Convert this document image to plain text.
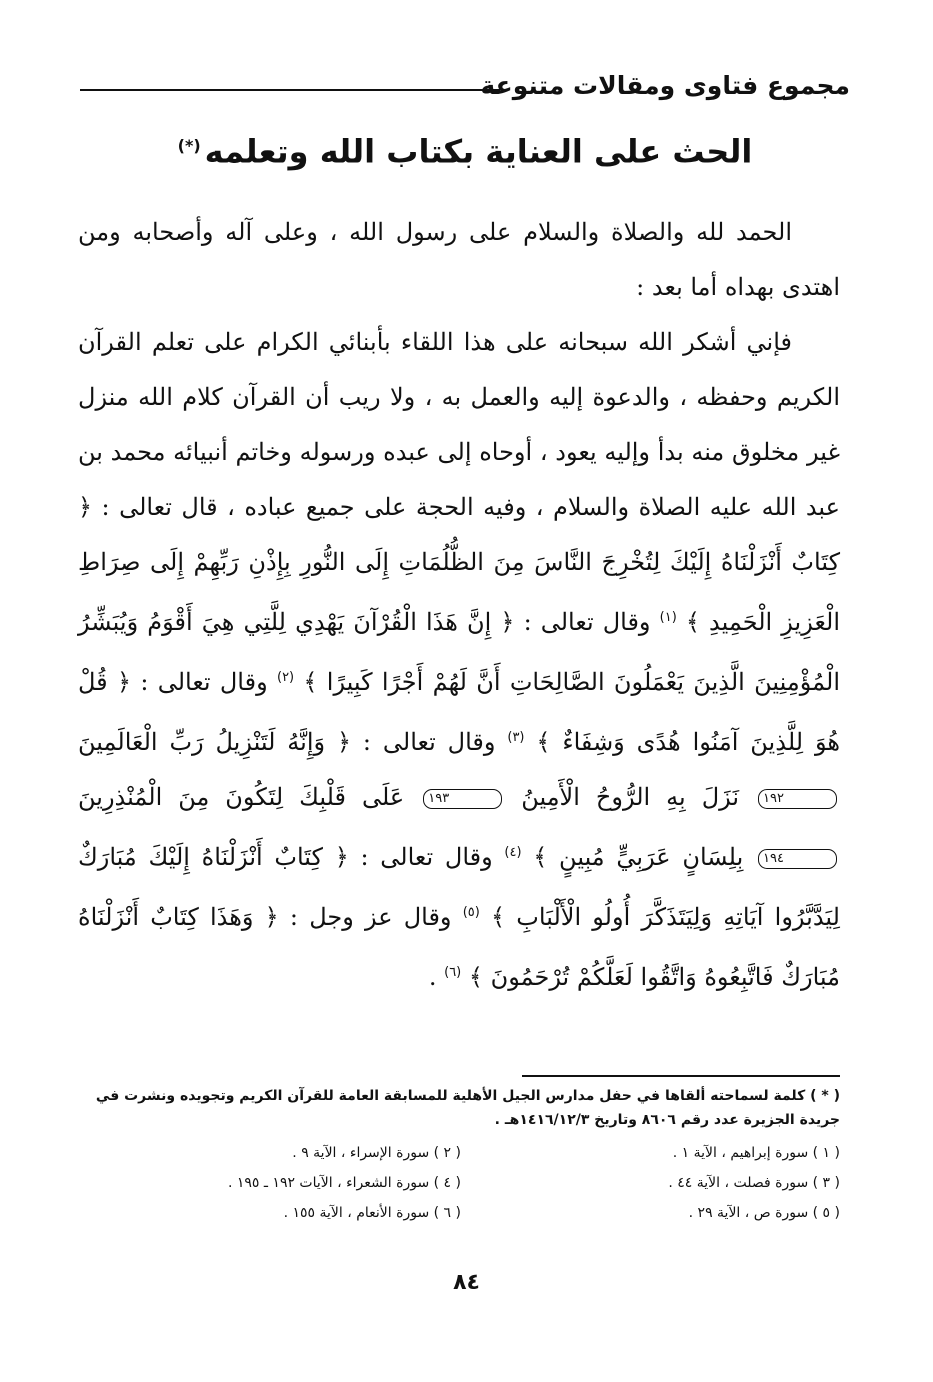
مجموع فتاوى ومقالات متنوعة
الحث على العناية بكتاب الله وتعلمه(*)

الحمد لله والصلاة والسلام على رسول الله ، وعلى آله وأصحابه ومن اهتدى بهداه أما بعد :

فإني أشكر الله سبحانه على هذا اللقاء بأبنائي الكرام على تعلم القرآن الكريم وحفظه ، والدعوة إليه والعمل به ، ولا ريب أن القرآن كلام الله منزل غير مخلوق منه بدأ وإليه يعود ، أوحاه إلى عبده ورسوله وخاتم أنبيائه محمد بن عبد الله عليه الصلاة والسلام ، وفيه الحجة على جميع عباده ، قال تعالى : ﴿ كِتَابٌ أَنْزَلْنَاهُ إِلَيْكَ لِتُخْرِجَ النَّاسَ مِنَ الظُّلُمَاتِ إِلَى النُّورِ بِإِذْنِ رَبِّهِمْ إِلَى صِرَاطِ الْعَزِيزِ الْحَمِيدِ ﴾ $^{(١)}$ وقال تعالى : ﴿ إِنَّ هَذَا الْقُرْآنَ يَهْدِي لِلَّتِي هِيَ أَقْوَمُ وَيُبَشِّرُ الْمُؤْمِنِينَ الَّذِينَ يَعْمَلُونَ الصَّالِحَاتِ أَنَّ لَهُمْ أَجْرًا كَبِيرًا ﴾ $^{(٢)}$ وقال تعالى : ﴿ قُلْ هُوَ لِلَّذِينَ آمَنُوا هُدًى وَشِفَاءٌ ﴾ $^{(٣)}$ وقال تعالى : ﴿ وَإِنَّهُ لَتَنْزِيلُ رَبِّ الْعَالَمِينَ ١٩٢ نَزَلَ بِهِ الرُّوحُ الْأَمِينُ ١٩٣ عَلَى قَلْبِكَ لِتَكُونَ مِنَ الْمُنْذِرِينَ ١٩٤ بِلِسَانٍ عَرَبِيٍّ مُبِينٍ ﴾ $^{(٤)}$ وقال تعالى : ﴿ كِتَابٌ أَنْزَلْنَاهُ إِلَيْكَ مُبَارَكٌ لِيَدَّبَّرُوا آيَاتِهِ وَلِيَتَذَكَّرَ أُولُو الْأَلْبَابِ ﴾ $^{(٥)}$ وقال عز وجل : ﴿ وَهَذَا كِتَابٌ أَنْزَلْنَاهُ مُبَارَكٌ فَاتَّبِعُوهُ وَاتَّقُوا لَعَلَّكُمْ تُرْحَمُونَ ﴾ $^{(٦)}$ .

( * ) كلمة لسماحته ألقاها في حفل مدارس الجيل الأهلية للمسابقة العامة للقرآن الكريم وتجويده ونشرت في جريدة الجزيرة عدد رقم ٨٦٠٦ وتاريخ ١٤١٦/١٢/٣هـ .
( ١ ) سورة إبراهيم ، الآية ١ .	( ٢ ) سورة الإسراء ، الآية ٩ .
( ٣ ) سورة فصلت ، الآية ٤٤ .	( ٤ ) سورة الشعراء ، الآيات ١٩٢ ـ ١٩٥ .
( ٥ ) سورة ص ، الآية ٢٩ .	( ٦ ) سورة الأنعام ، الآية ١٥٥ .
٨٤
